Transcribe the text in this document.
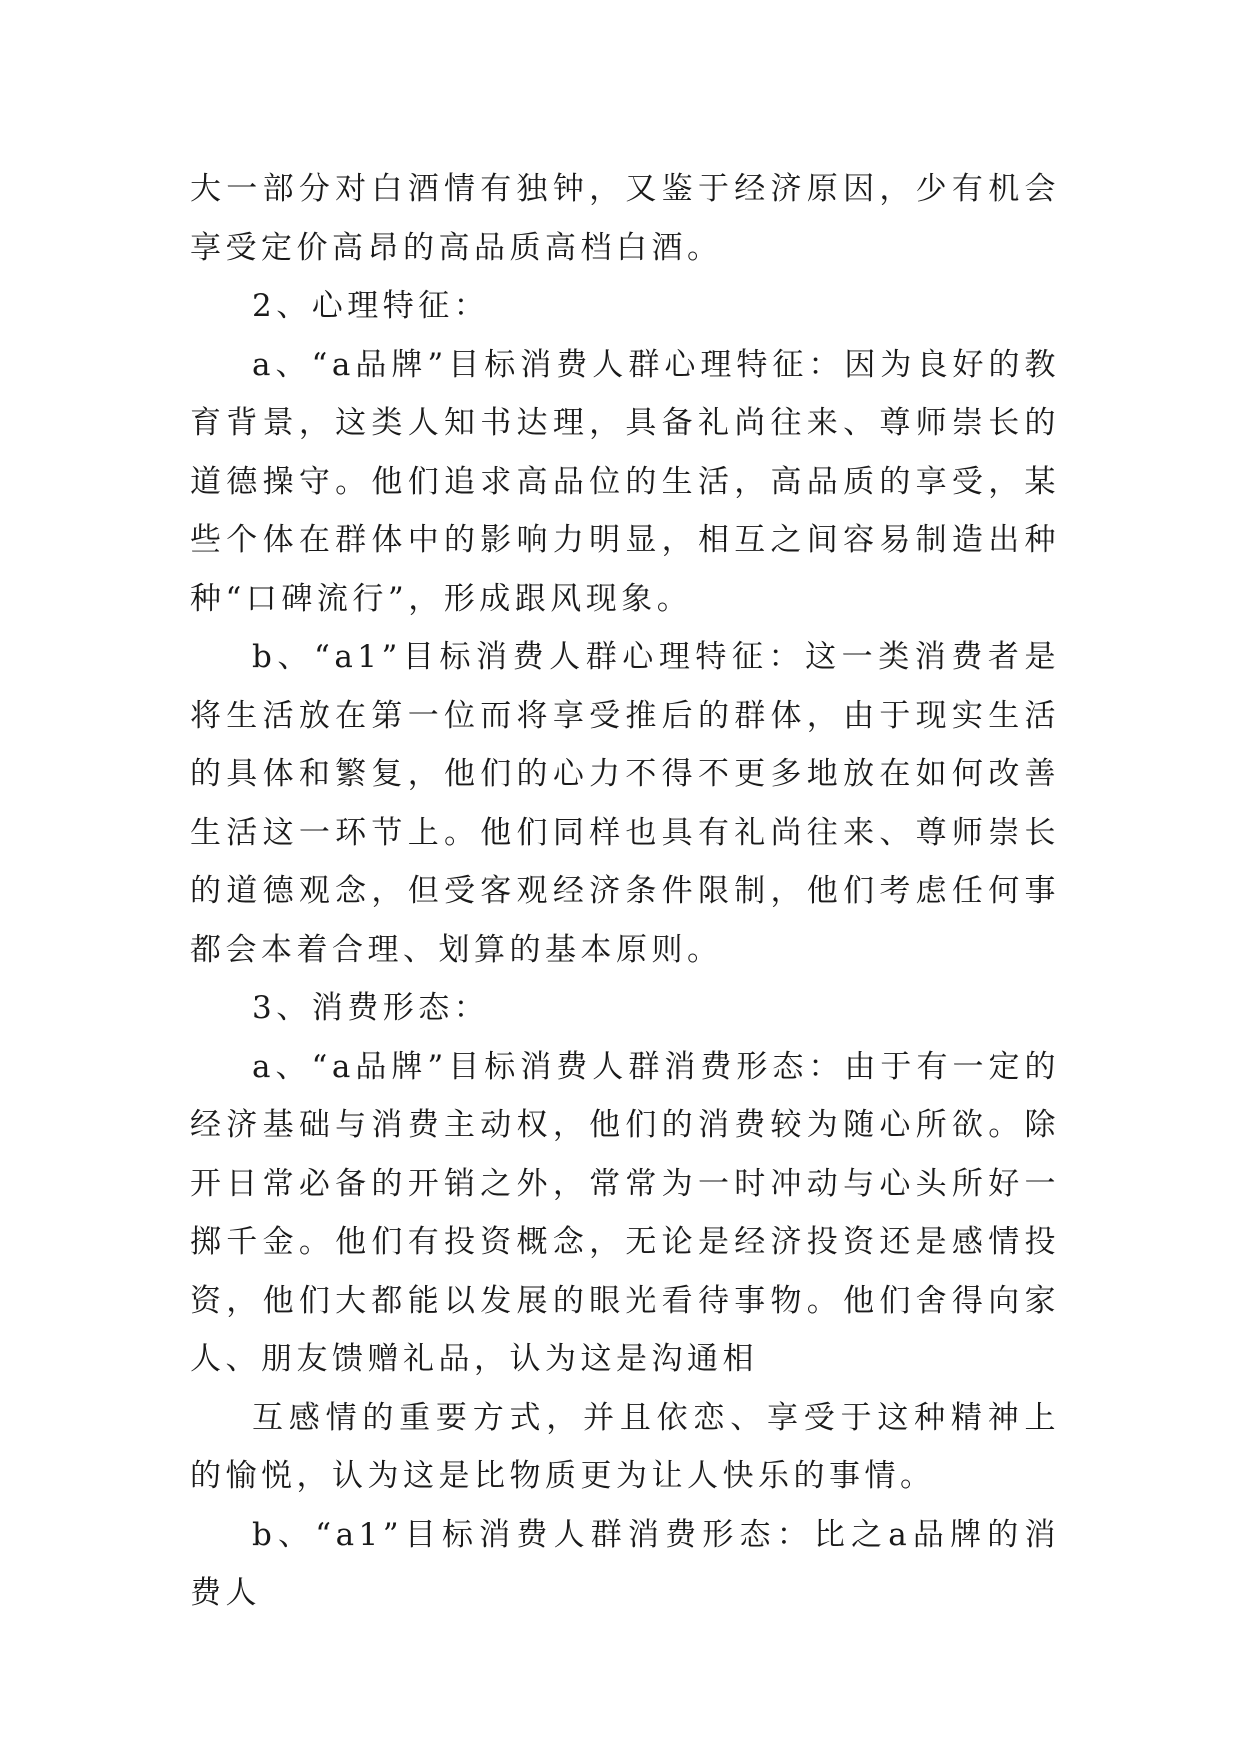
大一部分对白酒情有独钟，又鉴于经济原因，少有机会享受定价高昂的高品质高档白酒。

2、心理特征：

a、“a品牌”目标消费人群心理特征：因为良好的教育背景，这类人知书达理，具备礼尚往来、尊师崇长的道德操守。他们追求高品位的生活，高品质的享受，某些个体在群体中的影响力明显，相互之间容易制造出种种“口碑流行”，形成跟风现象。

b、“a1”目标消费人群心理特征：这一类消费者是将生活放在第一位而将享受推后的群体，由于现实生活的具体和繁复，他们的心力不得不更多地放在如何改善生活这一环节上。他们同样也具有礼尚往来、尊师崇长的道德观念，但受客观经济条件限制，他们考虑任何事都会本着合理、划算的基本原则。

3、消费形态：

a、“a品牌”目标消费人群消费形态：由于有一定的经济基础与消费主动权，他们的消费较为随心所欲。除开日常必备的开销之外，常常为一时冲动与心头所好一掷千金。他们有投资概念，无论是经济投资还是感情投资，他们大都能以发展的眼光看待事物。他们舍得向家人、朋友馈赠礼品，认为这是沟通相

互感情的重要方式，并且依恋、享受于这种精神上的愉悦，认为这是比物质更为让人快乐的事情。

b、“a1”目标消费人群消费形态：比之a品牌的消费人
